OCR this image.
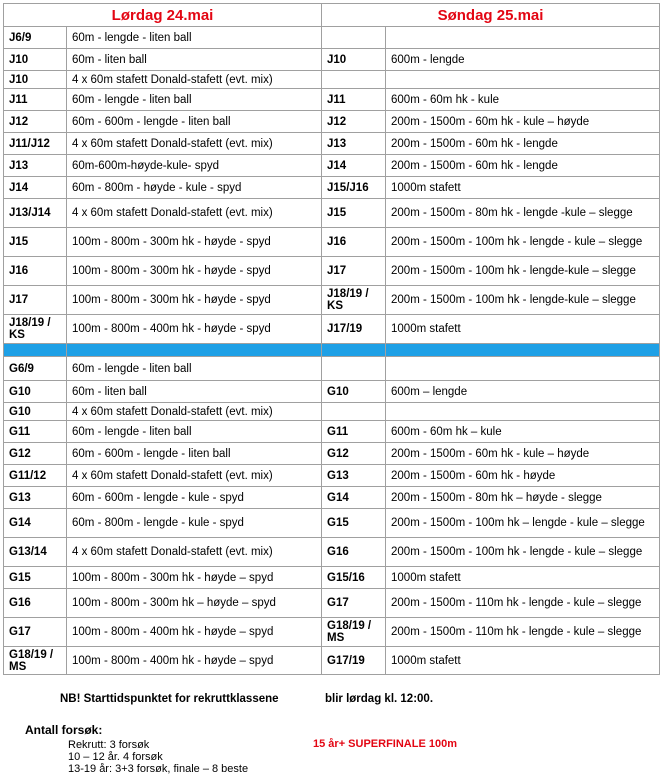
Lørdag 24.mai		Søndag 25.mai	
J6/9	60m - lengde - liten ball		
J10	60m - liten ball	J10	600m - lengde
J10	4 x 60m stafett Donald-stafett (evt. mix)		
J11	60m - lengde - liten ball	J11	600m - 60m hk - kule
J12	60m - 600m - lengde - liten ball	J12	200m - 1500m - 60m hk - kule – høyde
J11/J12	4 x 60m stafett Donald-stafett (evt. mix)	J13	200m - 1500m - 60m hk - lengde
J13	60m-600m-høyde-kule- spyd	J14	200m - 1500m - 60m hk - lengde
J14	60m - 800m - høyde - kule - spyd	J15/J16	1000m stafett
J13/J14	4 x 60m stafett Donald-stafett (evt. mix)	J15	200m - 1500m - 80m hk - lengde -kule – slegge
J15	100m - 800m - 300m hk - høyde - spyd	J16	200m - 1500m - 100m hk - lengde - kule – slegge
J16	100m - 800m - 300m hk - høyde - spyd	J17	200m - 1500m - 100m hk - lengde-kule – slegge
J17	100m - 800m - 300m hk - høyde - spyd	J18/19 / KS	200m - 1500m - 100m hk - lengde-kule – slegge
J18/19 / KS	100m - 800m - 400m hk - høyde - spyd	J17/19	1000m stafett

G6/9	60m - lengde - liten ball		
G10	60m - liten ball	G10	600m – lengde
G10	4 x 60m stafett Donald-stafett (evt. mix)		
G11	60m - lengde - liten ball	G11	600m - 60m hk – kule
G12	60m - 600m - lengde - liten ball	G12	200m - 1500m - 60m hk - kule – høyde
G11/12	4 x 60m stafett Donald-stafett (evt. mix)	G13	200m - 1500m - 60m hk - høyde
G13	60m - 600m - lengde - kule - spyd	G14	200m - 1500m - 80m hk – høyde - slegge
G14	60m - 800m - lengde - kule - spyd	G15	200m - 1500m - 100m hk – lengde - kule – slegge
G13/14	4 x 60m stafett Donald-stafett (evt. mix)	G16	200m - 1500m - 100m hk - lengde - kule – slegge
G15	100m - 800m - 300m hk - høyde – spyd	G15/16	1000m stafett
G16	100m - 800m - 300m hk – høyde – spyd	G17	200m - 1500m - 110m hk - lengde - kule – slegge
G17	100m - 800m - 400m hk - høyde – spyd	G18/19 / MS	200m - 1500m - 110m hk - lengde - kule – slegge
G18/19 / MS	100m - 800m - 400m hk - høyde – spyd	G17/19	1000m stafett
NB! Starttidspunktet for rekruttklassene	blir lørdag kl. 12:00.
Antall forsøk:
Rekrutt: 3 forsøk
10 – 12 år. 4 forsøk
13-19 år: 3+3 forsøk, finale – 8 beste
15 år+ SUPERFINALE 100m
